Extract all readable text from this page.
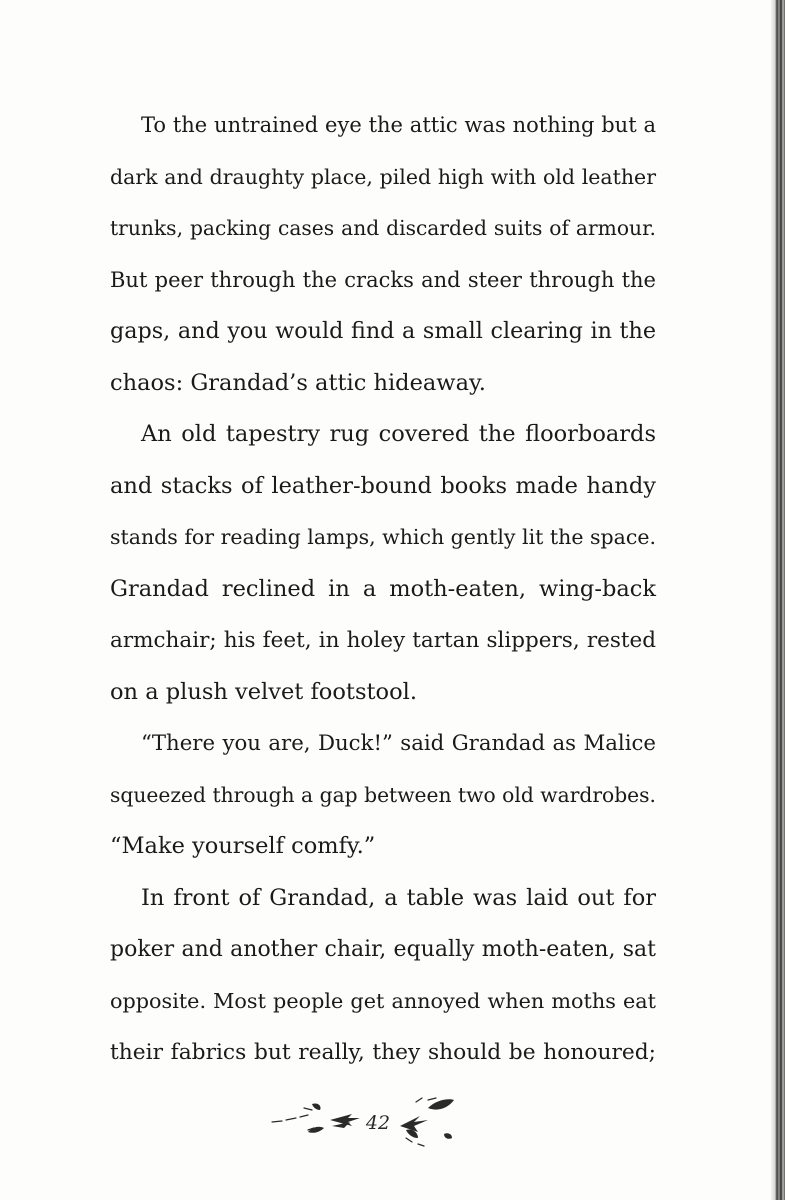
To the untrained eye the attic was nothing but a
dark and draughty place, piled high with old leather
trunks, packing cases and discarded suits of armour.
But peer through the cracks and steer through the
gaps, and you would find a small clearing in the
chaos: Grandad’s attic hideaway.
An old tapestry rug covered the floorboards
and stacks of leather-bound books made handy
stands for reading lamps, which gently lit the space.
Grandad reclined in a moth-eaten, wing-back
armchair; his feet, in holey tartan slippers, rested
on a plush velvet footstool.
“There you are, Duck!” said Grandad as Malice
squeezed through a gap between two old wardrobes.
“Make yourself comfy.”
In front of Grandad, a table was laid out for
poker and another chair, equally moth-eaten, sat
opposite. Most people get annoyed when moths eat
their fabrics but really, they should be honoured;
42
